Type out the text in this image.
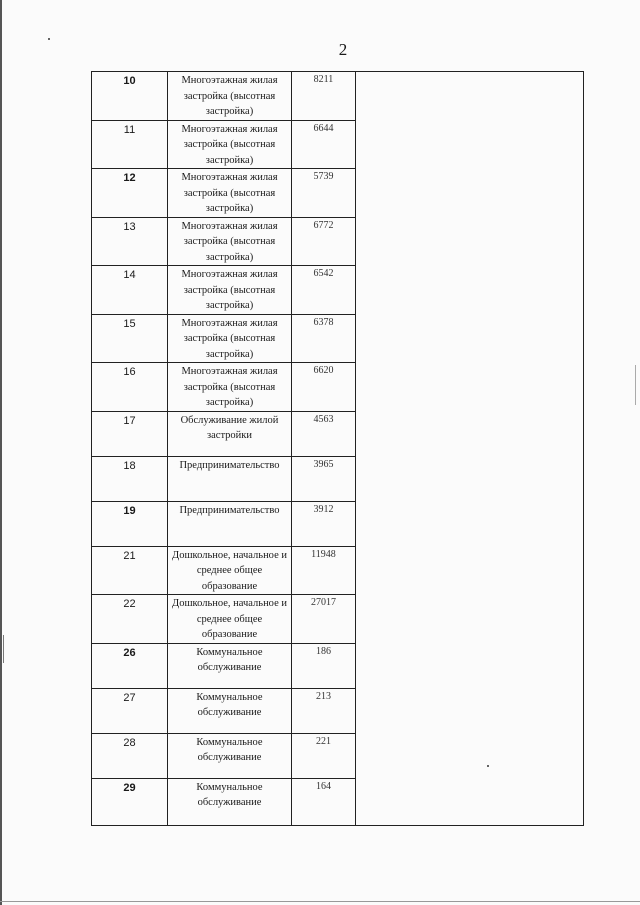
2
10	Многоэтажная жилая застройка (высотная застройка)	8211	
11	Многоэтажная жилая застройка (высотная застройка)	6644	
12	Многоэтажная жилая застройка (высотная застройка)	5739	
13	Многоэтажная жилая застройка (высотная застройка)	6772	
14	Многоэтажная жилая застройка (высотная застройка)	6542	
15	Многоэтажная жилая застройка (высотная застройка)	6378	
16	Многоэтажная жилая застройка (высотная застройка)	6620	
17	Обслуживание жилой застройки	4563	
18	Предпринимательство	3965	
19	Предпринимательство	3912	
21	Дошкольное, начальное и среднее общее образование	11948	
22	Дошкольное, начальное и среднее общее образование	27017	
26	Коммунальное обслуживание	186	
27	Коммунальное обслуживание	213	
28	Коммунальное обслуживание	221	
29	Коммунальное обслуживание	164	
